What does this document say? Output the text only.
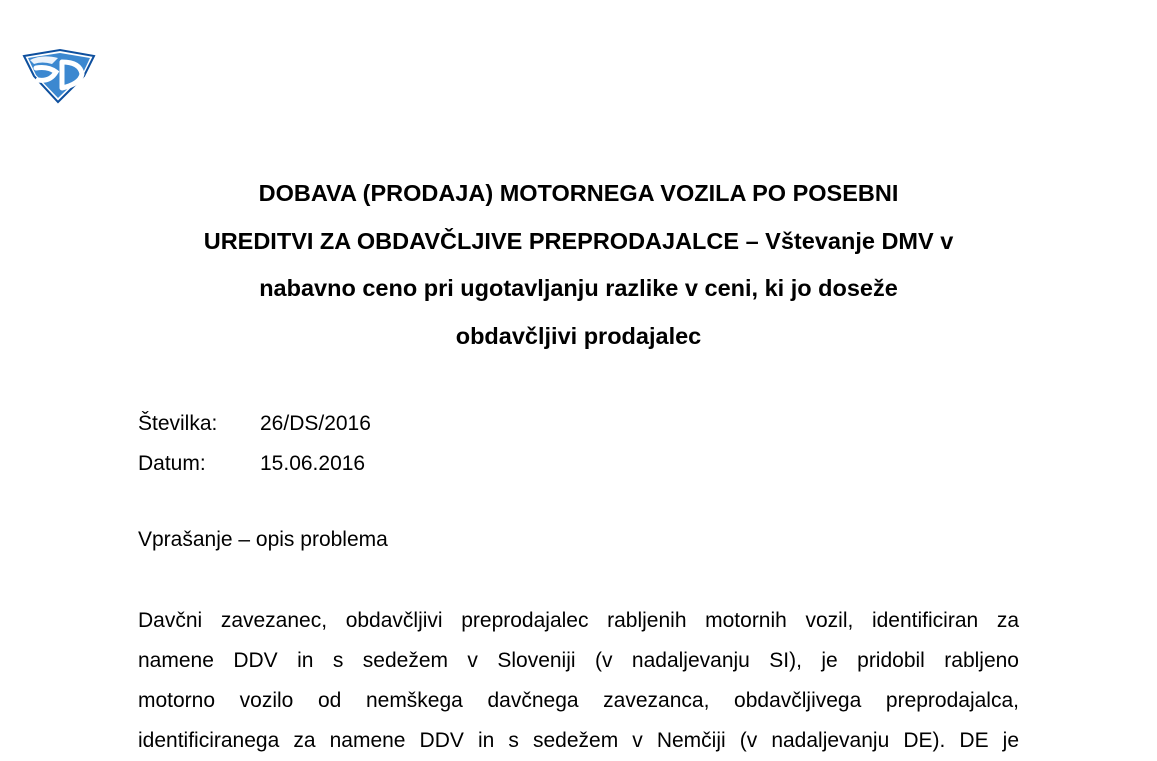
DOBAVA (PRODAJA) MOTORNEGA VOZILA PO POSEBNI
UREDITVI ZA OBDAVČLJIVE PREPRODAJALCE – Vštevanje DMV v
nabavno ceno pri ugotavljanju razlike v ceni, ki jo doseže
obdavčljivi prodajalec
Številka:	26/DS/2016
Datum:	15.06.2016
Vprašanje – opis problema
Davčni zavezanec, obdavčljivi preprodajalec rabljenih motornih vozil, identificiran za
namene DDV in s sedežem v Sloveniji (v nadaljevanju SI), je pridobil rabljeno
motorno vozilo od nemškega davčnega zavezanca, obdavčljivega preprodajalca,
identificiranega za namene DDV in s sedežem v Nemčiji (v nadaljevanju DE). DE je
